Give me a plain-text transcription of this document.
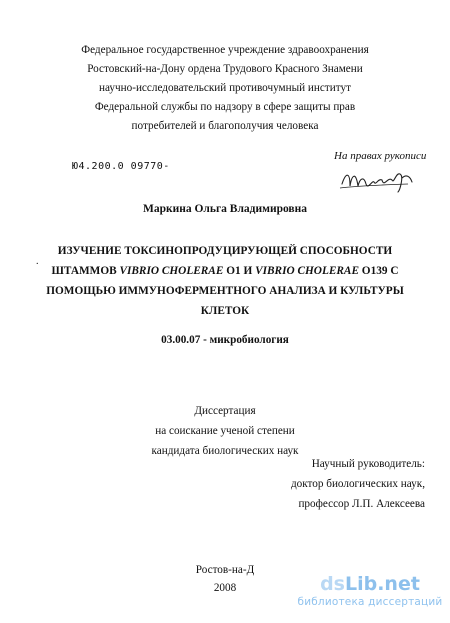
Федеральное государственное учреждение здравоохранения
Ростовский-на-Дону ордена Трудового Красного Знамени
научно-исследовательский противочумный институт
Федеральной службы по надзору в сфере защиты прав
потребителей и благополучия человека
Ю4.200.0 09770-
На правах рукописи
Маркина Ольга Владимировна
.
ИЗУЧЕНИЕ ТОКСИНОПРОДУЦИРУЮЩЕЙ СПОСОБНОСТИ
ШТАММОВ VIBRIO CHOLERAE O1 И VIBRIO CHOLERAE O139 С
ПОМОЩЬЮ ИММУНОФЕРМЕНТНОГО АНАЛИЗА И КУЛЬТУРЫ
КЛЕТОК
03.00.07 - микробиология
Диссертация
на соискание ученой степени
кандидата биологических наук
Научный руководитель:
доктор биологических наук,
профессор Л.П. Алексеева
Ростов-на-Д
2008	dsLib.net
библиотека диссертаций
